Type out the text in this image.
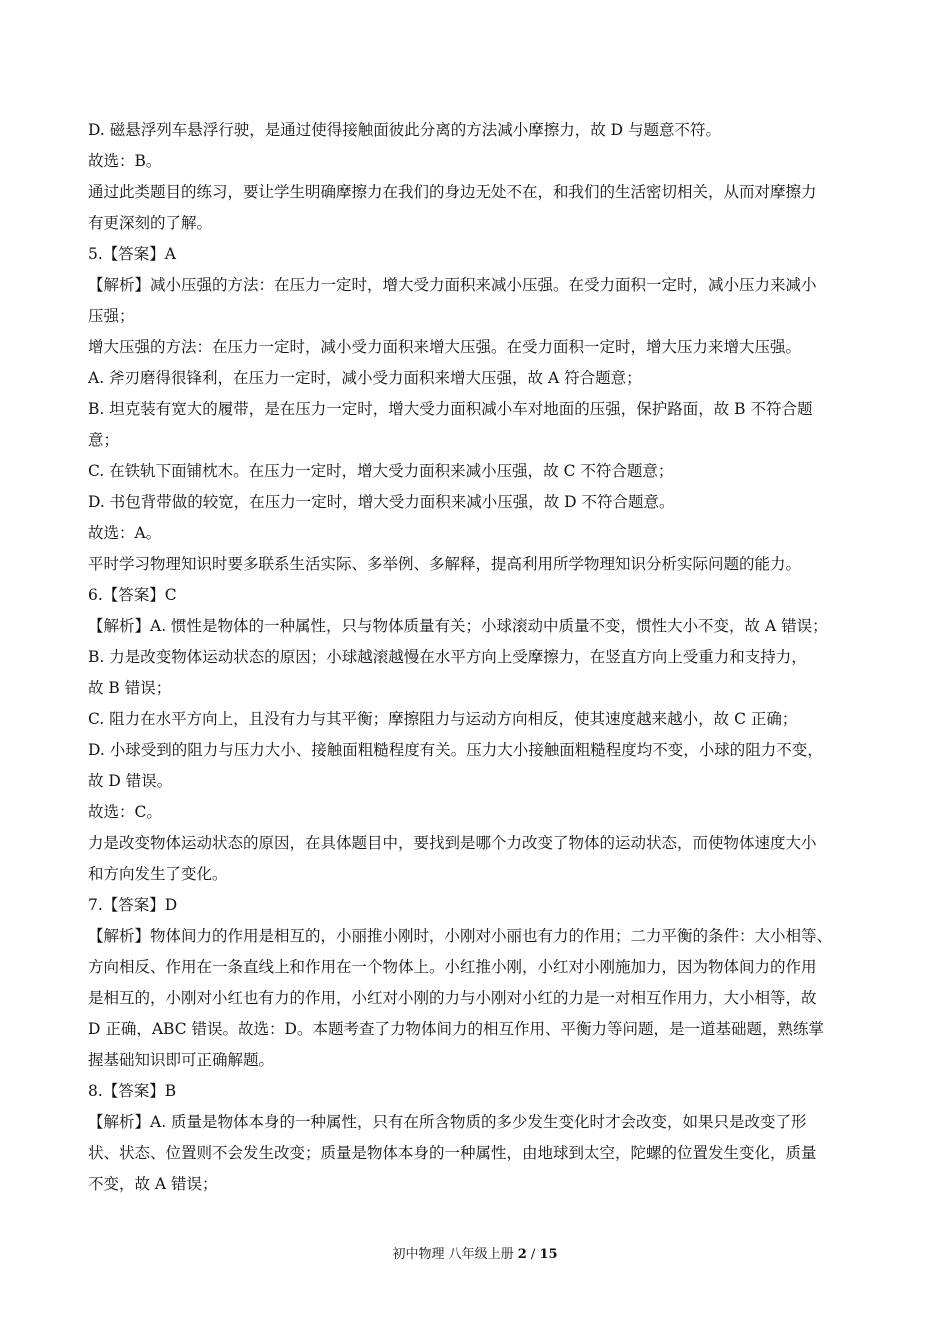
D. 磁悬浮列车悬浮行驶，是通过使得接触面彼此分离的方法减小摩擦力，故 D 与题意不符。
故选：B。
通过此类题目的练习，要让学生明确摩擦力在我们的身边无处不在，和我们的生活密切相关，从而对摩擦力
有更深刻的了解。
5.【答案】A
【解析】减小压强的方法：在压力一定时，增大受力面积来减小压强。在受力面积一定时，减小压力来减小
压强；
增大压强的方法：在压力一定时，减小受力面积来增大压强。在受力面积一定时，增大压力来增大压强。
A. 斧刃磨得很锋利，在压力一定时，减小受力面积来增大压强，故 A 符合题意；
B. 坦克装有宽大的履带，是在压力一定时，增大受力面积减小车对地面的压强，保护路面，故 B 不符合题
意；
C. 在铁轨下面铺枕木。在压力一定时，增大受力面积来减小压强，故 C 不符合题意；
D. 书包背带做的较宽，在压力一定时，增大受力面积来减小压强，故 D 不符合题意。
故选：A。
平时学习物理知识时要多联系生活实际、多举例、多解释，提高利用所学物理知识分析实际问题的能力。
6.【答案】C
【解析】A. 惯性是物体的一种属性，只与物体质量有关；小球滚动中质量不变，惯性大小不变，故 A 错误；
B. 力是改变物体运动状态的原因；小球越滚越慢在水平方向上受摩擦力，在竖直方向上受重力和支持力，
故 B 错误；
C. 阻力在水平方向上，且没有力与其平衡；摩擦阻力与运动方向相反，使其速度越来越小，故 C 正确；
D. 小球受到的阻力与压力大小、接触面粗糙程度有关。压力大小接触面粗糙程度均不变，小球的阻力不变，
故 D 错误。
故选：C。
力是改变物体运动状态的原因，在具体题目中，要找到是哪个力改变了物体的运动状态，而使物体速度大小
和方向发生了变化。
7.【答案】D
【解析】物体间力的作用是相互的，小丽推小刚时，小刚对小丽也有力的作用；二力平衡的条件：大小相等、
方向相反、作用在一条直线上和作用在一个物体上。小红推小刚，小红对小刚施加力，因为物体间力的作用
是相互的，小刚对小红也有力的作用，小红对小刚的力与小刚对小红的力是一对相互作用力，大小相等，故
D 正确，ABC 错误。故选：D。本题考查了力物体间力的相互作用、平衡力等问题，是一道基础题，熟练掌
握基础知识即可正确解题。
8.【答案】B
【解析】A. 质量是物体本身的一种属性，只有在所含物质的多少发生变化时才会改变，如果只是改变了形
状、状态、位置则不会发生改变；质量是物体本身的一种属性，由地球到太空，陀螺的位置发生变化，质量
不变，故 A 错误；
初中物理 八年级上册 2 / 15
